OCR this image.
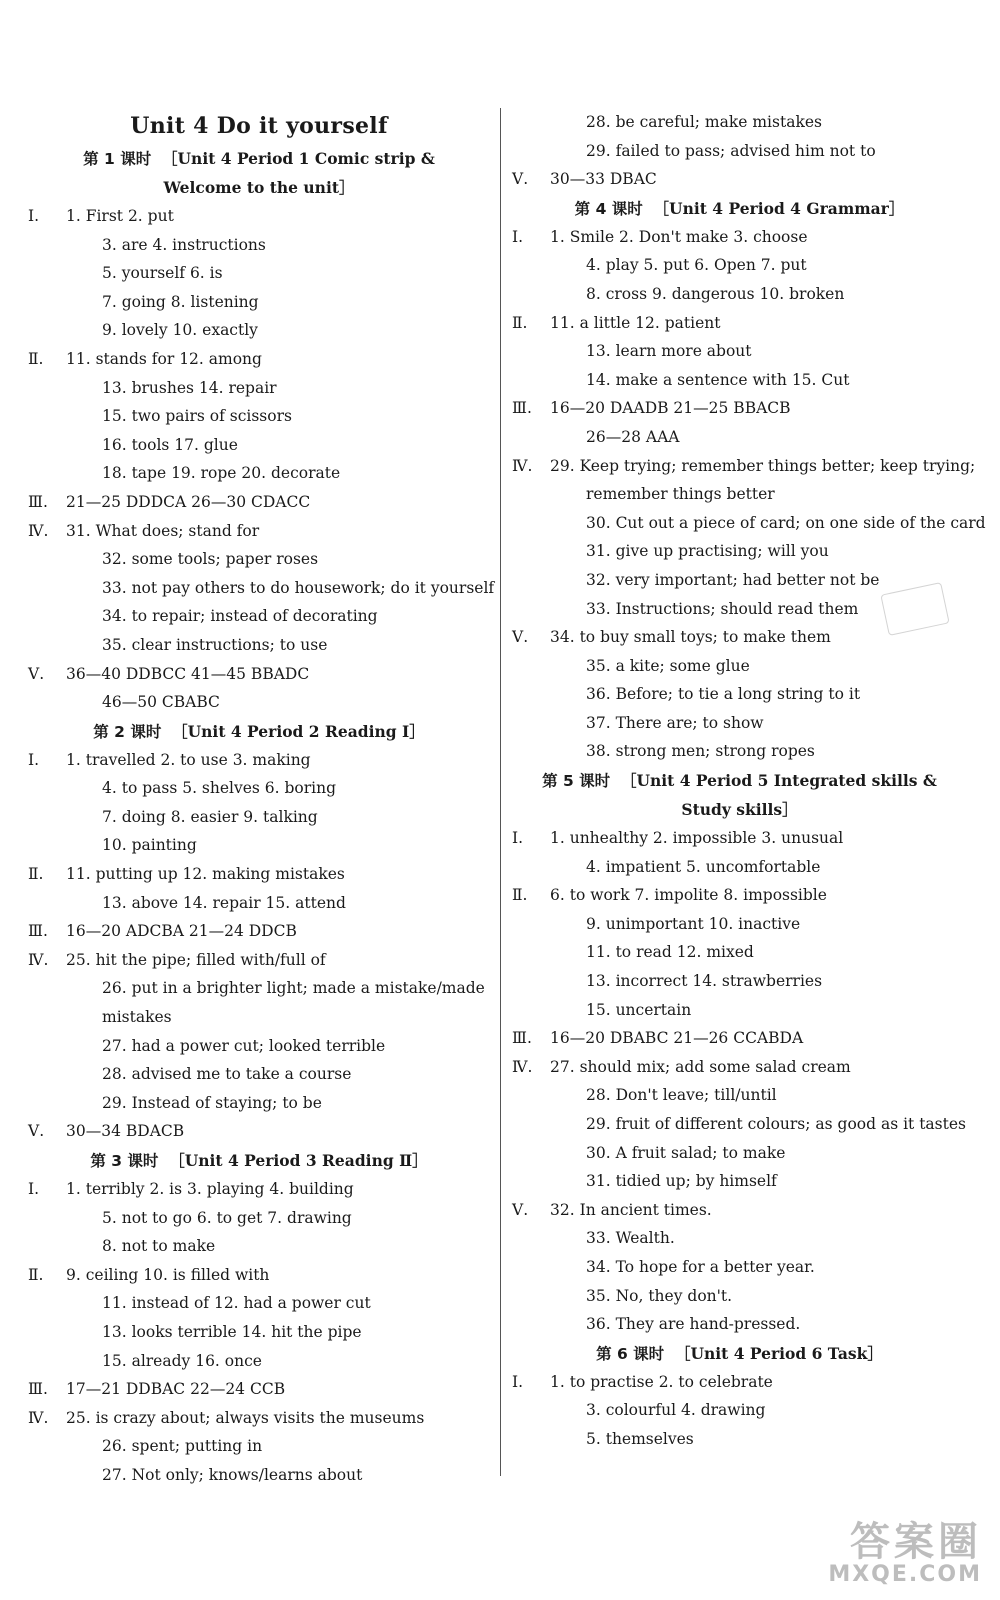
Unit 4 Do it yourself
第 1 课时 ［Unit 4 Period 1 Comic strip &
Welcome to the unit］
Ⅰ.	1. First 2. put
3. are 4. instructions
5. yourself 6. is
7. going 8. listening
9. lovely 10. exactly
Ⅱ.	11. stands for 12. among
13. brushes 14. repair
15. two pairs of scissors
16. tools 17. glue
18. tape 19. rope 20. decorate
Ⅲ.	21—25 DDDCA 26—30 CDACC
Ⅳ.	31. What does; stand for
32. some tools; paper roses
33. not pay others to do housework; do it yourself
34. to repair; instead of decorating
35. clear instructions; to use
Ⅴ.	36—40 DDBCC 41—45 BBADC
46—50 CBABC
第 2 课时 ［Unit 4 Period 2 Reading Ⅰ］
Ⅰ.	1. travelled 2. to use 3. making
4. to pass 5. shelves 6. boring
7. doing 8. easier 9. talking
10. painting
Ⅱ.	11. putting up 12. making mistakes
13. above 14. repair 15. attend
Ⅲ.	16—20 ADCBA 21—24 DDCB
Ⅳ.	25. hit the pipe; filled with/full of
26. put in a brighter light; made a mistake/made
mistakes
27. had a power cut; looked terrible
28. advised me to take a course
29. Instead of staying; to be
Ⅴ.	30—34 BDACB
第 3 课时 ［Unit 4 Period 3 Reading Ⅱ］
Ⅰ.	1. terribly 2. is 3. playing 4. building
5. not to go 6. to get 7. drawing
8. not to make
Ⅱ.	9. ceiling 10. is filled with
11. instead of 12. had a power cut
13. looks terrible 14. hit the pipe
15. already 16. once
Ⅲ.	17—21 DDBAC 22—24 CCB
Ⅳ.	25. is crazy about; always visits the museums
26. spent; putting in
27. Not only; knows/learns about
28. be careful; make mistakes
29. failed to pass; advised him not to
Ⅴ.	30—33 DBAC
第 4 课时 ［Unit 4 Period 4 Grammar］
Ⅰ.	1. Smile 2. Don't make 3. choose
4. play 5. put 6. Open 7. put
8. cross 9. dangerous 10. broken
Ⅱ.	11. a little 12. patient
13. learn more about
14. make a sentence with 15. Cut
Ⅲ.	16—20 DAADB 21—25 BBACB
26—28 AAA
Ⅳ.	29. Keep trying; remember things better; keep trying;
remember things better
30. Cut out a piece of card; on one side of the card
31. give up practising; will you
32. very important; had better not be
33. Instructions; should read them
Ⅴ.	34. to buy small toys; to make them
35. a kite; some glue
36. Before; to tie a long string to it
37. There are; to show
38. strong men; strong ropes
第 5 课时 ［Unit 4 Period 5 Integrated skills &
Study skills］
Ⅰ.	1. unhealthy 2. impossible 3. unusual
4. impatient 5. uncomfortable
Ⅱ.	6. to work 7. impolite 8. impossible
9. unimportant 10. inactive
11. to read 12. mixed
13. incorrect 14. strawberries
15. uncertain
Ⅲ.	16—20 DBABC 21—26 CCABDA
Ⅳ.	27. should mix; add some salad cream
28. Don't leave; till/until
29. fruit of different colours; as good as it tastes
30. A fruit salad; to make
31. tidied up; by himself
Ⅴ.	32. In ancient times.
33. Wealth.
34. To hope for a better year.
35. No, they don't.
36. They are hand-pressed.
第 6 课时 ［Unit 4 Period 6 Task］
Ⅰ.	1. to practise 2. to celebrate
3. colourful 4. drawing
5. themselves
答案圈
MXQE.COM
